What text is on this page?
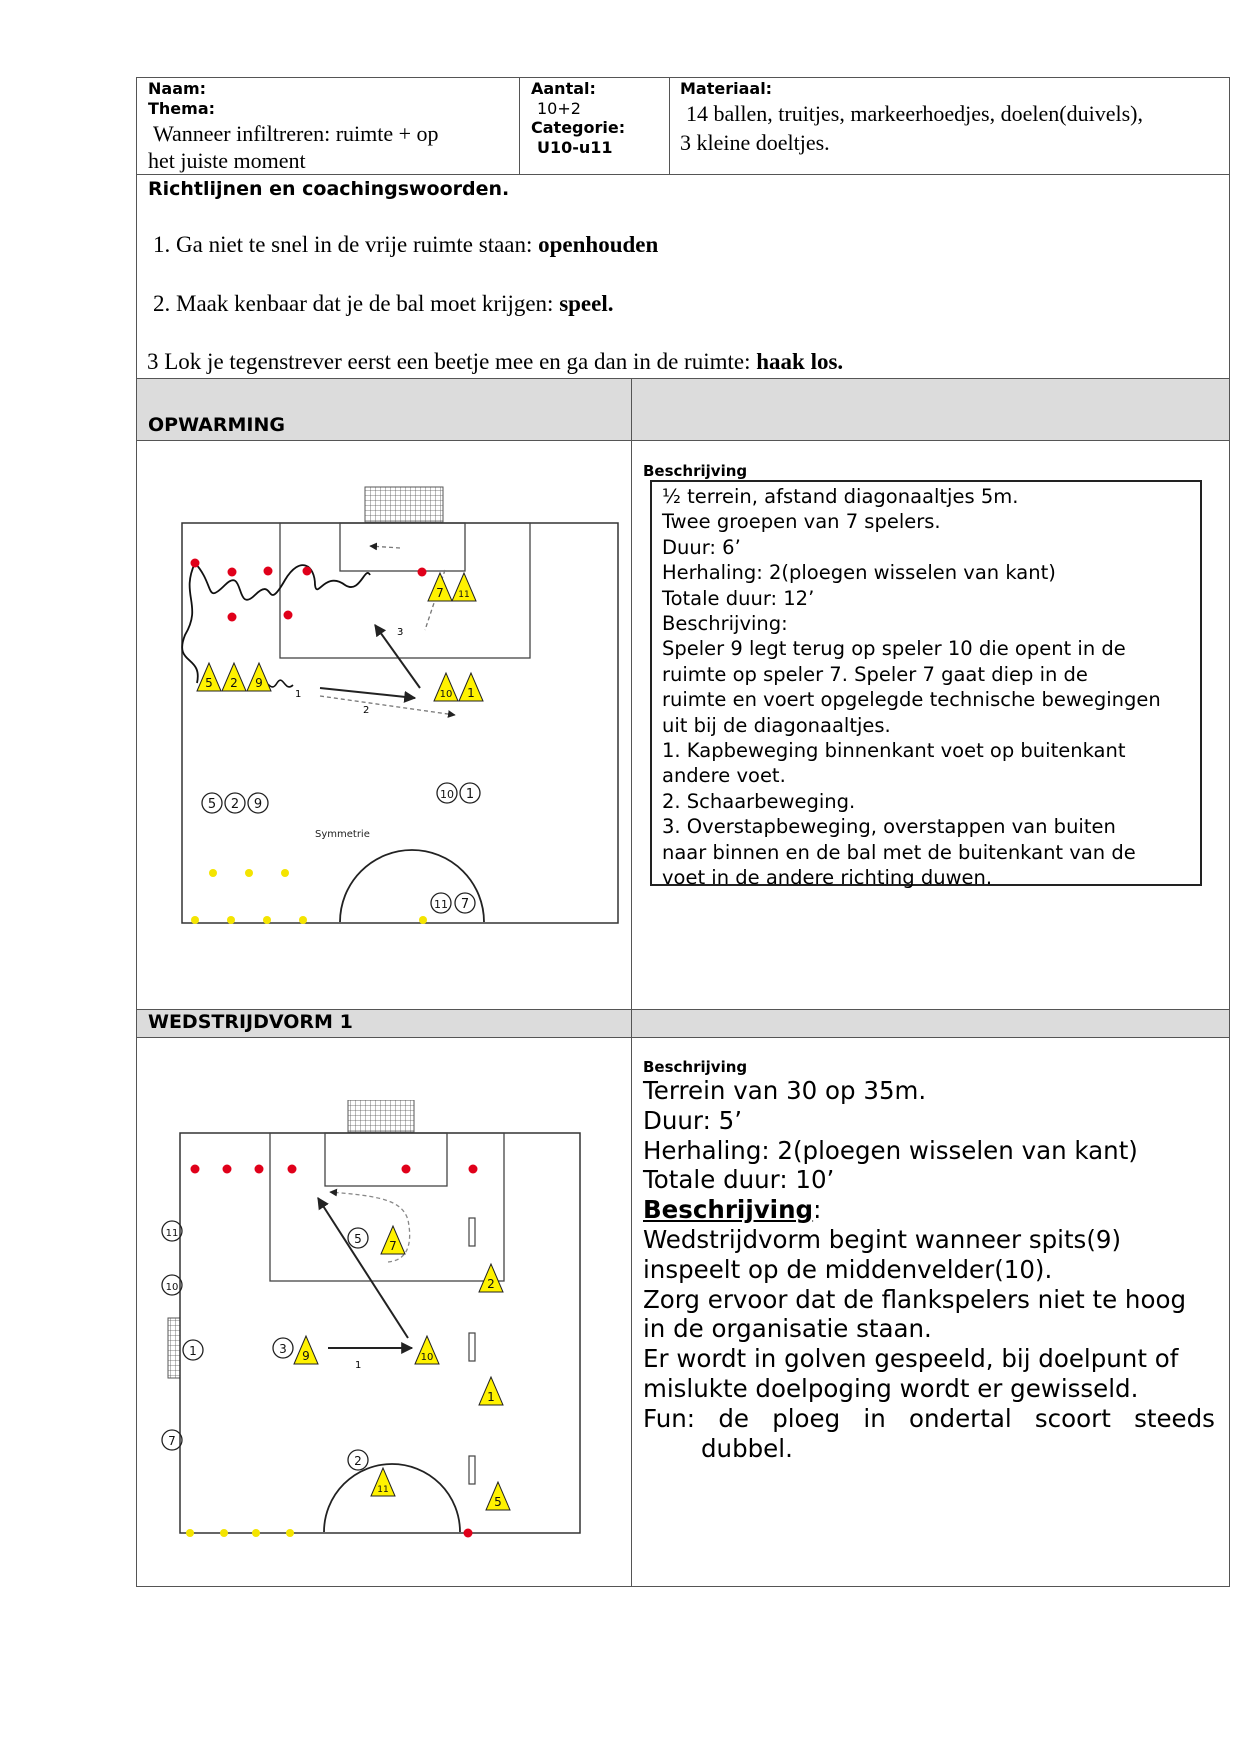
Naam:
Thema:
Wanneer infiltreren: ruimte + op
het juiste moment
Aantal:
10+2
Categorie:
U10-u11
Materiaal:
14 ballen, truitjes, markeerhoedjes, doelen(duivels),
3 kleine doeltjes.
Richtlijnen en coachingswoorden.
1. Ga niet te snel in de vrije ruimte staan: openhouden
2. Maak kenbaar dat je de bal moet krijgen: speel.
3 Lok je tegenstrever eerst een beetje mee en ga dan in de ruimte: haak los.
OPWARMING
Beschrijving
½ terrein, afstand diagonaaltjes 5m.
Twee groepen van 7 spelers.
Duur: 6’
Herhaling: 2(ploegen wisselen van kant)
Totale duur: 12’
Beschrijving:
Speler 9 legt terug op speler 10 die opent in de
ruimte op speler 7. Speler 7 gaat diep in de
ruimte en voert opgelegde technische bewegingen
uit bij de diagonaaltjes.
1. Kapbeweging binnenkant voet op buitenkant
andere voet.
2. Schaarbeweging.
3. Overstapbeweging, overstappen van buiten
naar binnen en de bal met de buitenkant van de
voet in de andere richting duwen.
1
2
3
5 2 9
10 1
7 11
5 2 9
10 1
11 7
Symmetrie
WEDSTRIJDVORM 1
Beschrijving
Terrein van 30 op 35m.
Duur: 5’
Herhaling: 2(ploegen wisselen van kant)
Totale duur: 10’
Beschrijving:
Wedstrijdvorm begint wanneer spits(9)
inspeelt op de middenvelder(10).
Zorg ervoor dat de flankspelers niet te hoog
in de organisatie staan.
Er wordt in golven gespeeld, bij doelpunt of
mislukte doelpoging wordt er gewisseld.
Fun: de ploeg in ondertal scoort steeds
dubbel.
1
11
10
1
7
5
3
2
7
9	10
2
1
5
11
